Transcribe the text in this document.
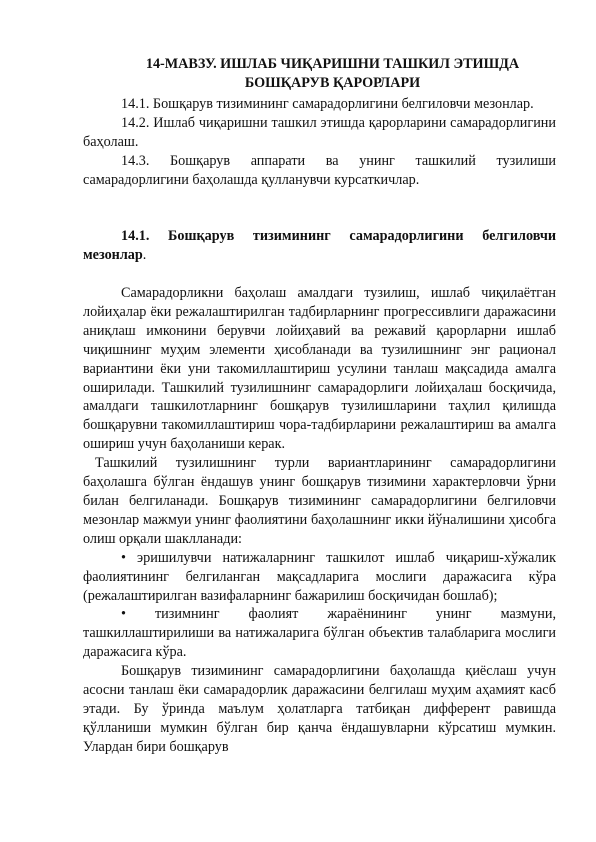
14-МАВЗУ. ИШЛАБ ЧИҚАРИШНИ ТАШКИЛ ЭТИШДА
БОШҚАРУВ ҚАРОРЛАРИ

14.1. Бошқарув тизимининг самарадорлигини белгиловчи мезонлар.

14.2. Ишлаб чиқаришни ташкил этишда қарорларини самарадорлигини баҳолаш.

14.3. Бошқарув аппарати ва унинг ташкилий тузилиши самарадорлигини баҳолашда қулланувчи курсаткичлар.

14.1. Бошқарув тизимининг самарадорлигини белгиловчи мезонлар.

Самарадорликни баҳолаш амалдаги тузилиш, ишлаб чиқилаётган лойиҳалар ёки режалаштирилган тадбирларнинг прогрессивлиги даражасини аниқлаш имконини берувчи лойиҳавий ва режавий қарорларни ишлаб чиқишнинг муҳим элементи ҳисобланади ва тузилишнинг энг рационал вариантини ёки уни такомиллаштириш усулини танлаш мақсадида амалга оширилади. Ташкилий тузилишнинг самарадорлиги лойиҳалаш босқичида, амалдаги ташкилотларнинг бошқарув тузилишларини таҳлил қилишда бошқарувни такомиллаштириш чора-тадбирларини режалаштириш ва амалга ошириш учун баҳоланиши керак.

Ташкилий тузилишнинг турли вариантларининг самарадорлигини баҳолашга бўлган ёндашув унинг бошқарув тизимини характерловчи ўрни билан белгиланади. Бошқарув тизимининг самарадорлигини белгиловчи мезонлар мажмуи унинг фаолиятини баҳолашнинг икки йўналишини ҳисобга олиш орқали шаклланади:

• эришилувчи натижаларнинг ташкилот ишлаб чиқариш-хўжалик фаолиятининг белгиланган мақсадларига мослиги даражасига кўра (режалаштирилган вазифаларнинг бажарилиш босқичидан бошлаб);

• тизимнинг фаолият жараёнининг унинг мазмуни, ташкиллаштирилиши ва натижаларига бўлган объектив талабларига мослиги даражасига кўра.

Бошқарув тизимининг самарадорлигини баҳолашда қиёслаш учун асосни танлаш ёки самарадорлик даражасини белгилаш муҳим аҳамият касб этади. Бу ўринда маълум ҳолатларга татбиқан дифферент равишда қўлланиши мумкин бўлган бир қанча ёндашувларни кўрсатиш мумкин. Улардан бири бошқарув
